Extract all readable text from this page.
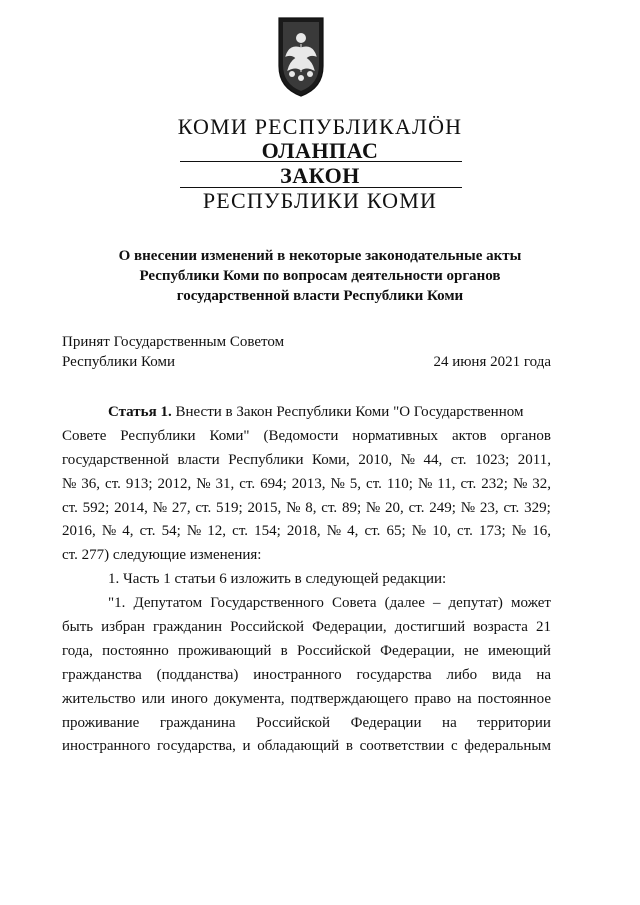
КОМИ РЕСПУБЛИКАЛӦН
ОЛАНПАС
ЗАКОН
РЕСПУБЛИКИ КОМИ
О внесении изменений в некоторые законодательные акты
Республики Коми по вопросам деятельности органов
государственной власти Республики Коми
Принят Государственным Советом
Республики Коми	24 июня 2021 года
Статья 1. Внести в Закон Республики Коми "О Государственном
Совете Республики Коми" (Ведомости нормативных актов органов
государственной власти Республики Коми, 2010, № 44, ст. 1023; 2011,
№ 36, ст. 913; 2012, № 31, ст. 694; 2013, № 5, ст. 110; № 11, ст. 232; № 32,
ст. 592; 2014, № 27, ст. 519; 2015, № 8, ст. 89; № 20, ст. 249; № 23, ст. 329;
2016, № 4, ст. 54; № 12, ст. 154; 2018, № 4, ст. 65; № 10, ст. 173; № 16,
ст. 277) следующие изменения:
1. Часть 1 статьи 6 изложить в следующей редакции:
"1. Депутатом Государственного Совета (далее – депутат) может
быть избран гражданин Российской Федерации, достигший возраста 21
года, постоянно проживающий в Российской Федерации, не имеющий
гражданства (подданства) иностранного государства либо вида на
жительство или иного документа, подтверждающего право на постоянное
проживание гражданина Российской Федерации на территории
иностранного государства, и обладающий в соответствии с федеральным
